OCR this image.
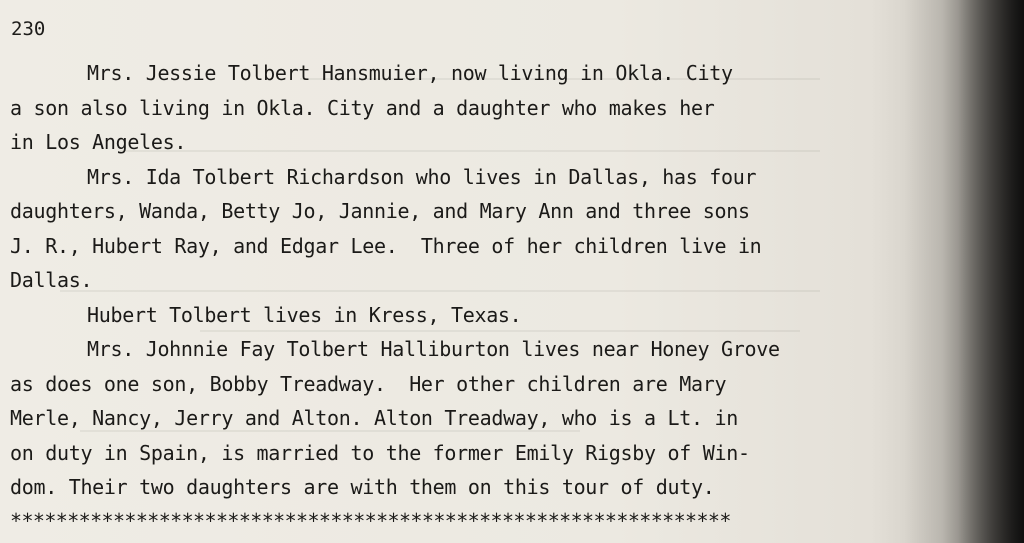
230

Mrs. Jessie Tolbert Hansmuier, now living in Okla. City

a son also living in Okla. City and a daughter who makes her

in Los Angeles.

Mrs. Ida Tolbert Richardson who lives in Dallas, has four

daughters, Wanda, Betty Jo, Jannie, and Mary Ann and three sons

J. R., Hubert Ray, and Edgar Lee.  Three of her children live in

Dallas.

Hubert Tolbert lives in Kress, Texas.

Mrs. Johnnie Fay Tolbert Halliburton lives near Honey Grove

as does one son, Bobby Treadway.  Her other children are Mary

Merle, Nancy, Jerry and Alton. Alton Treadway, who is a Lt. in

on duty in Spain, is married to the former Emily Rigsby of Win-

dom. Their two daughters are with them on this tour of duty.

***************************************************************
